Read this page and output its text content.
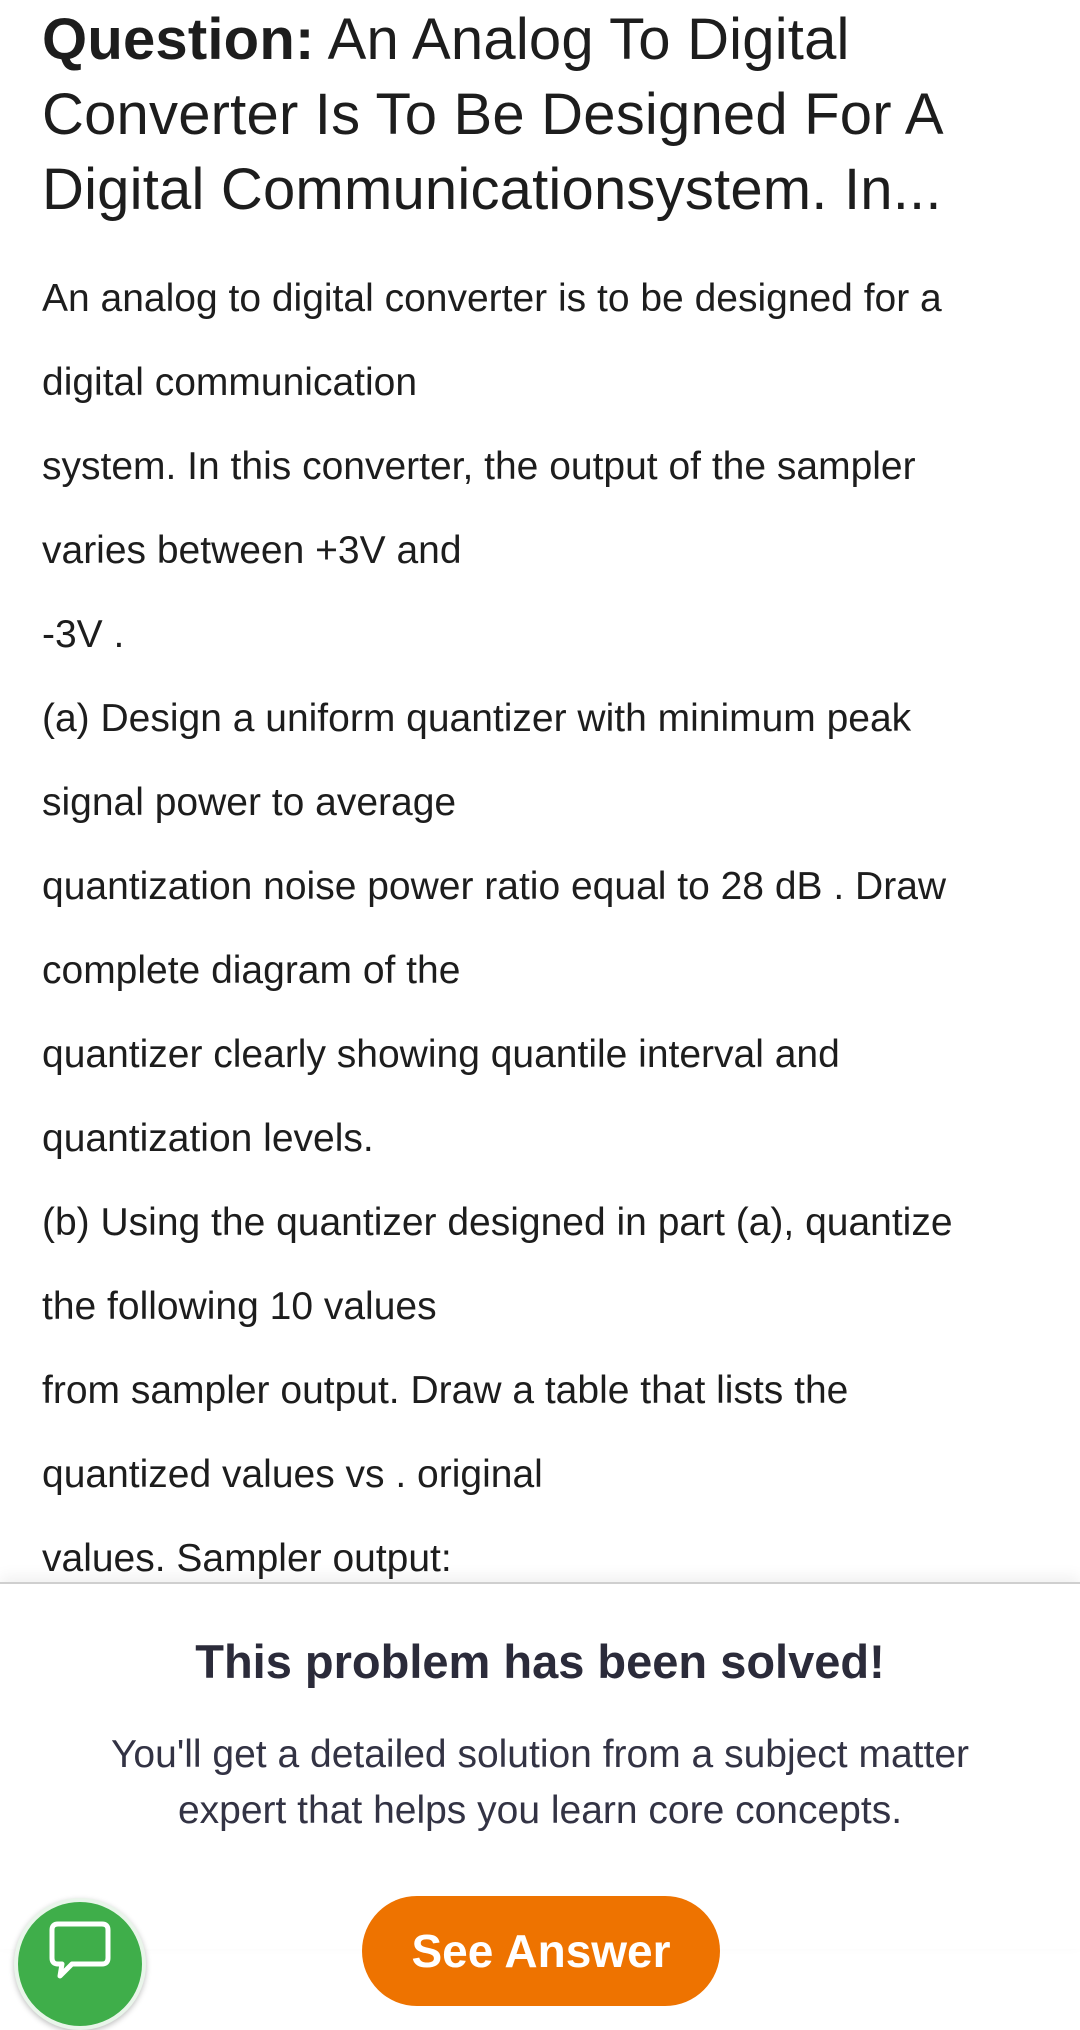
Question: An Analog To Digital
Converter Is To Be Designed For A
Digital Communicationsystem. In...
An analog to digital converter is to be designed for a
digital communication
system. In this converter, the output of the sampler
varies between +3V and
-3V .
(a) Design a uniform quantizer with minimum peak
signal power to average
quantization noise power ratio equal to 28 dB . Draw
complete diagram of the
quantizer clearly showing quantile interval and
quantization levels.
(b) Using the quantizer designed in part (a), quantize
the following 10 values
from sampler output. Draw a table that lists the
quantized values vs . original
values. Sampler output:
This problem has been solved!

You'll get a detailed solution from a subject matter expert that helps you learn core concepts.

See Answer
